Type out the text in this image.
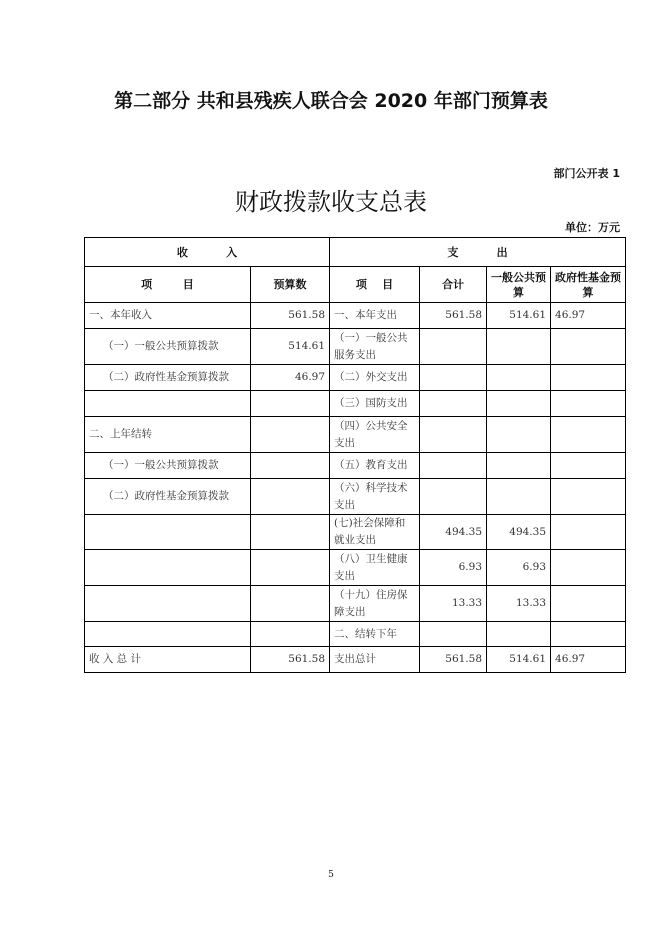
第二部分 共和县残疾人联合会 2020 年部门预算表
部门公开表 1
财政拨款收支总表
单位：万元
收          入		支          出			
项        目	预算数	项    目	合计	一般公共预算	政府性基金预算
一、本年收入	561.58	一、本年支出	561.58	514.61	46.97
（一）一般公共预算拨款	514.61	（一）一般公共服务支出			
（二）政府性基金预算拨款	46.97	（二）外交支出			
		（三）国防支出			
二、上年结转		（四）公共安全支出			
（一）一般公共预算拨款		（五）教育支出			
（二）政府性基金预算拨款		（六）科学技术支出			
		(七)社会保障和就业支出	494.35	494.35	
		（八）卫生健康支出	6.93	6.93	
		（十九）住房保障支出	13.33	13.33	
		二、结转下年			
收 入 总 计	561.58	支出总计	561.58	514.61	46.97
5
